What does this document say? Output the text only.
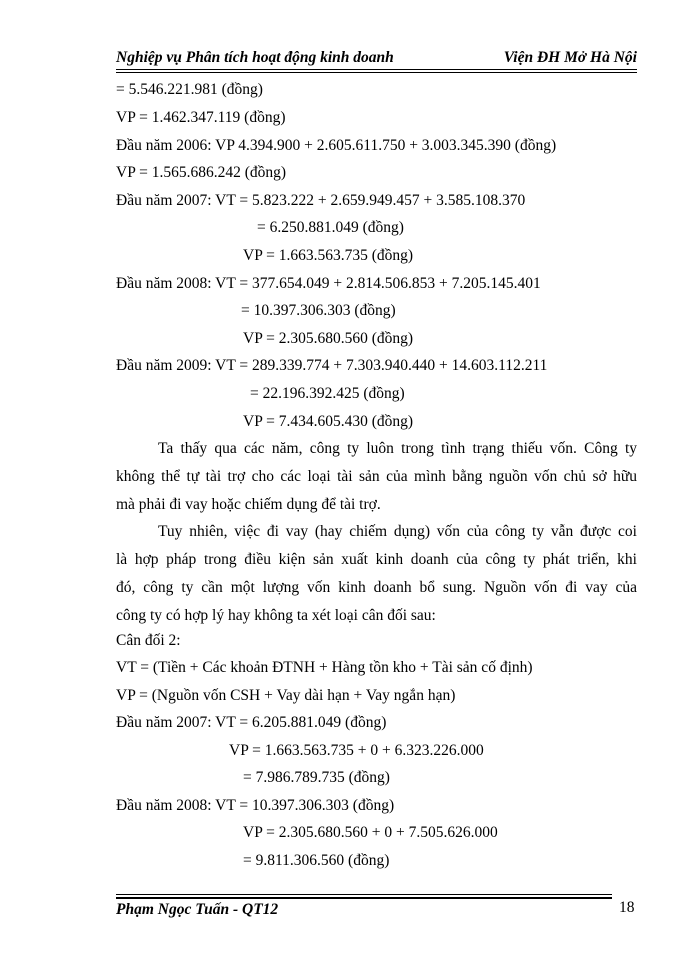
Nghiệp vụ Phân tích hoạt động kinh doanh	Viện ĐH Mở Hà Nội
= 5.546.221.981 (đồng)
VP = 1.462.347.119 (đồng)
Đầu năm 2006: VP 4.394.900 + 2.605.611.750 + 3.003.345.390 (đồng)
VP = 1.565.686.242 (đồng)
Đầu năm 2007: VT = 5.823.222 + 2.659.949.457 + 3.585.108.370
= 6.250.881.049 (đồng)
VP = 1.663.563.735 (đồng)
Đầu năm 2008: VT = 377.654.049 + 2.814.506.853 + 7.205.145.401
= 10.397.306.303 (đồng)
VP = 2.305.680.560 (đồng)
Đầu năm 2009: VT = 289.339.774 + 7.303.940.440 + 14.603.112.211
= 22.196.392.425 (đồng)
VP = 7.434.605.430 (đồng)
Ta thấy qua các năm, công ty luôn trong tình trạng thiếu vốn. Công ty
không thể tự tài trợ cho các loại tài sản của mình bằng nguồn vốn chủ sở hữu
mà phải đi vay hoặc chiếm dụng để tài trợ.
Tuy nhiên, việc đi vay (hay chiếm dụng) vốn của công ty vẫn được coi
là hợp pháp trong điều kiện sản xuất kinh doanh của công ty phát triển, khi
đó, công ty cần một lượng vốn kinh doanh bổ sung. Nguồn vốn đi vay của
công ty có hợp lý hay không ta xét loại cân đối sau:
Cân đối 2:
VT = (Tiền + Các khoản ĐTNH + Hàng tồn kho + Tài sản cố định)
VP = (Nguồn vốn CSH + Vay dài hạn + Vay ngắn hạn)
Đầu năm 2007: VT = 6.205.881.049 (đồng)
VP = 1.663.563.735 + 0 + 6.323.226.000
= 7.986.789.735 (đồng)
Đầu năm 2008: VT = 10.397.306.303 (đồng)
VP = 2.305.680.560 + 0 + 7.505.626.000
= 9.811.306.560 (đồng)
Phạm Ngọc Tuấn - QT12	18
